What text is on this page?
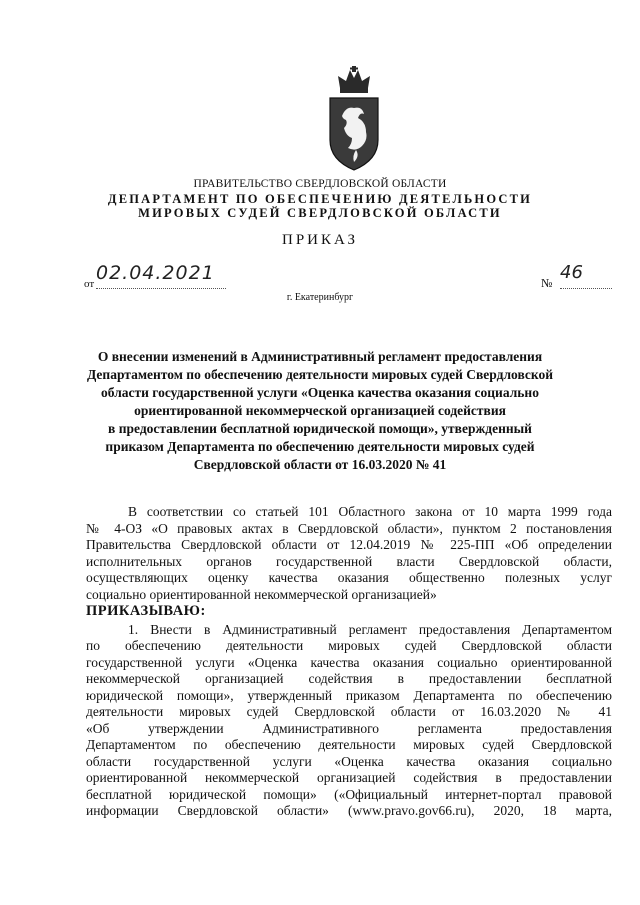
ПРАВИТЕЛЬСТВО СВЕРДЛОВСКОЙ ОБЛАСТИ
ДЕПАРТАМЕНТ ПО ОБЕСПЕЧЕНИЮ ДЕЯТЕЛЬНОСТИ
МИРОВЫХ СУДЕЙ СВЕРДЛОВСКОЙ ОБЛАСТИ
ПРИКАЗ
от 02.04.2021	№ 46
г. Екатеринбург
О внесении изменений в Административный регламент предоставления
Департаментом по обеспечению деятельности мировых судей Свердловской
области государственной услуги «Оценка качества оказания социально
ориентированной некоммерческой организацией содействия
в предоставлении бесплатной юридической помощи», утвержденный
приказом Департамента по обеспечению деятельности мировых судей
Свердловской области от 16.03.2020 № 41
В соответствии со статьей 101 Областного закона от 10 марта 1999 года
№ 4-ОЗ «О правовых актах в Свердловской области», пунктом 2 постановления
Правительства Свердловской области от 12.04.2019 № 225-ПП «Об определении
исполнительных органов государственной власти Свердловской области,
осуществляющих оценку качества оказания общественно полезных услуг
социально ориентированной некоммерческой организацией»
ПРИКАЗЫВАЮ:
1. Внести в Административный регламент предоставления Департаментом
по обеспечению деятельности мировых судей Свердловской области
государственной услуги «Оценка качества оказания социально ориентированной
некоммерческой организацией содействия в предоставлении бесплатной
юридической помощи», утвержденный приказом Департамента по обеспечению
деятельности мировых судей Свердловской области от 16.03.2020 № 41
«Об утверждении Административного регламента предоставления
Департаментом по обеспечению деятельности мировых судей Свердловской
области государственной услуги «Оценка качества оказания социально
ориентированной некоммерческой организацией содействия в предоставлении
бесплатной юридической помощи» («Официальный интернет-портал правовой
информации Свердловской области» (www.pravo.gov66.ru), 2020, 18 марта,
